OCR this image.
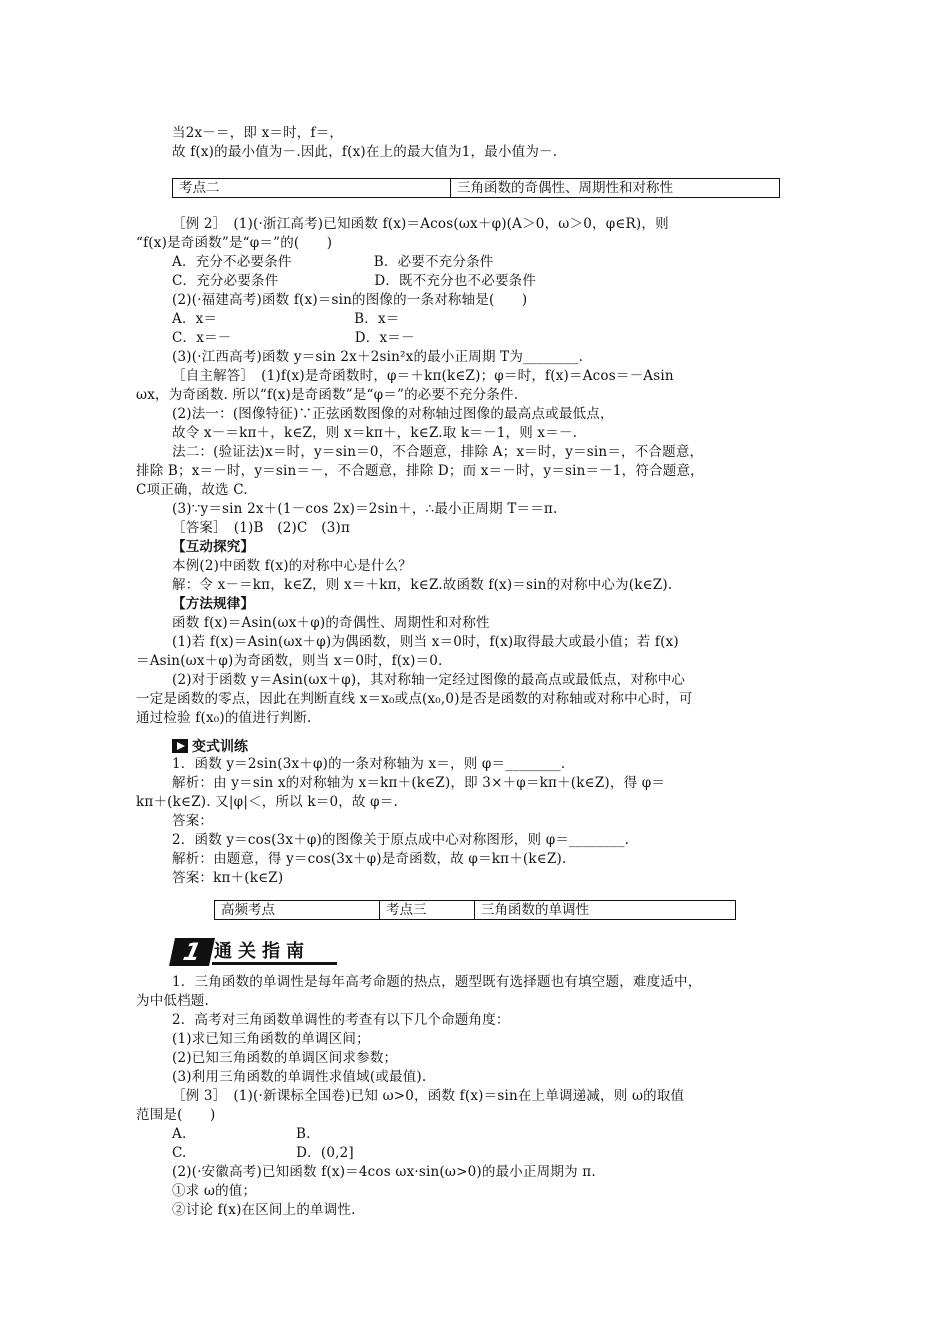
当2x－＝，即 x＝时，f＝，
故 f(x)的最小值为－.因此，f(x)在上的最大值为1，最小值为－.
考点二	三角函数的奇偶性、周期性和对称性
［例 2］　(1)(·浙江高考)已知函数 f(x)＝Acos(ωx＋φ)(A＞0，ω＞0，φ∈R)，则
“f(x)是奇函数”是“φ＝”的(　　)
A．充分不必要条件　　　　　　B．必要不充分条件
C．充分必要条件　　　　　　　D．既不充分也不必要条件
(2)(·福建高考)函数 f(x)＝sin的图像的一条对称轴是(　　)
A．x＝　　　　　　　　　　B．x＝
C．x＝－　　　　　　　　　D．x＝－
(3)(·江西高考)函数 y＝sin 2x＋2sin²x的最小正周期 T为________.
［自主解答］　(1)f(x)是奇函数时，φ＝＋kπ(k∈Z)；φ＝时，f(x)＝Acos＝－Asin
ωx，为奇函数. 所以“f(x)是奇函数”是“φ＝”的必要不充分条件.
(2)法一：(图像特征)∵正弦函数图像的对称轴过图像的最高点或最低点，
故令 x－＝kπ＋，k∈Z，则 x＝kπ＋，k∈Z.取 k＝－1，则 x＝－.
法二：(验证法)x＝时，y＝sin＝0，不合题意，排除 A；x＝时，y＝sin＝，不合题意，
排除 B；x＝－时，y＝sin＝－，不合题意，排除 D；而 x＝－时，y＝sin＝－1，符合题意，
C项正确，故选 C.
(3)∵y＝sin 2x＋(1－cos 2x)＝2sin＋，∴最小正周期 T＝＝π.
［答案］　(1)B　(2)C　(3)π
【互动探究】
本例(2)中函数 f(x)的对称中心是什么？
解：令 x－＝kπ，k∈Z，则 x＝＋kπ，k∈Z.故函数 f(x)＝sin的对称中心为(k∈Z).
【方法规律】
函数 f(x)＝Asin(ωx＋φ)的奇偶性、周期性和对称性
(1)若 f(x)＝Asin(ωx＋φ)为偶函数，则当 x＝0时，f(x)取得最大或最小值；若 f(x)
＝Asin(ωx＋φ)为奇函数，则当 x＝0时，f(x)＝0.
(2)对于函数 y＝Asin(ωx＋φ)，其对称轴一定经过图像的最高点或最低点，对称中心
一定是函数的零点，因此在判断直线 x＝x₀或点(x₀,0)是否是函数的对称轴或对称中心时，可
通过检验 f(x₀)的值进行判断.
变式训练
1．函数 y＝2sin(3x＋φ)的一条对称轴为 x＝，则 φ＝________.
解析：由 y＝sin x的对称轴为 x＝kπ＋(k∈Z)，即 3×＋φ＝kπ＋(k∈Z)，得 φ＝
kπ＋(k∈Z). 又|φ|＜，所以 k＝0，故 φ＝.
答案：
2．函数 y＝cos(3x＋φ)的图像关于原点成中心对称图形，则 φ＝________.
解析：由题意，得 y＝cos(3x＋φ)是奇函数，故 φ＝kπ＋(k∈Z).
答案：kπ＋(k∈Z)
高频考点	考点三	三角函数的单调性
1 通关指南
1．三角函数的单调性是每年高考命题的热点，题型既有选择题也有填空题，难度适中，
为中低档题.
2．高考对三角函数单调性的考查有以下几个命题角度：
(1)求已知三角函数的单调区间；
(2)已知三角函数的单调区间求参数；
(3)利用三角函数的单调性求值域(或最值).
［例 3］　(1)(·新课标全国卷)已知 ω>0，函数 f(x)＝sin在上单调递减，则 ω的取值
范围是(　　)
A.　　　　　　　　B.
C.　　　　　　　　D．(0,2]
(2)(·安徽高考)已知函数 f(x)＝4cos ωx·sin(ω>0)的最小正周期为 π.
①求 ω的值；
②讨论 f(x)在区间上的单调性.
